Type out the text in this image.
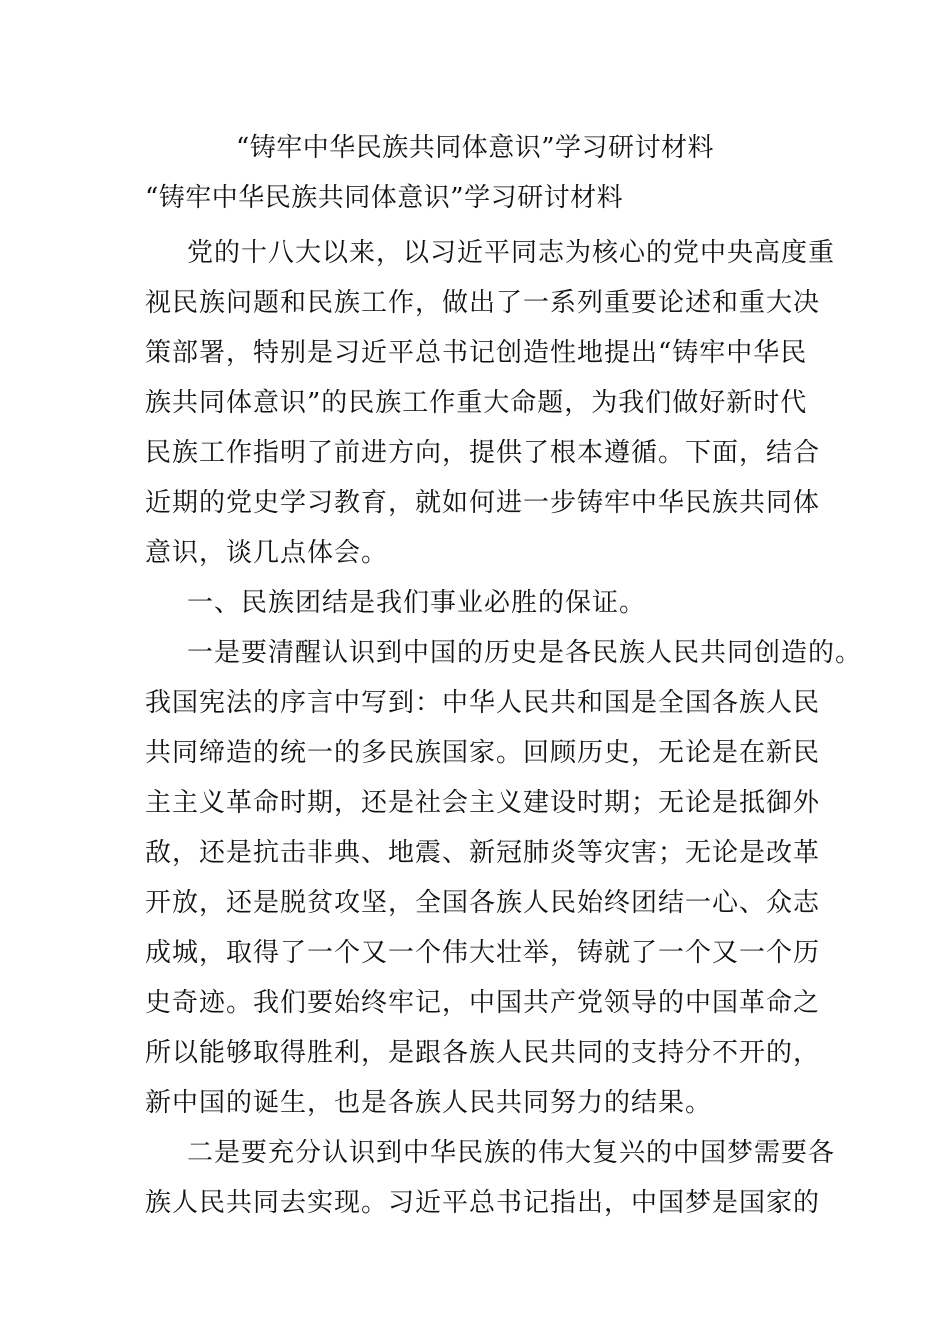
“铸牢中华民族共同体意识”学习研讨材料
“铸牢中华民族共同体意识”学习研讨材料
党的十八大以来，以习近平同志为核心的党中央高度重
视民族问题和民族工作，做出了一系列重要论述和重大决
策部署，特别是习近平总书记创造性地提出“铸牢中华民
族共同体意识”的民族工作重大命题，为我们做好新时代
民族工作指明了前进方向，提供了根本遵循。下面，结合
近期的党史学习教育，就如何进一步铸牢中华民族共同体
意识，谈几点体会。
一、民族团结是我们事业必胜的保证。
一是要清醒认识到中国的历史是各民族人民共同创造的。
我国宪法的序言中写到：中华人民共和国是全国各族人民
共同缔造的统一的多民族国家。回顾历史，无论是在新民
主主义革命时期，还是社会主义建设时期；无论是抵御外
敌，还是抗击非典、地震、新冠肺炎等灾害；无论是改革
开放，还是脱贫攻坚，全国各族人民始终团结一心、众志
成城，取得了一个又一个伟大壮举，铸就了一个又一个历
史奇迹。我们要始终牢记，中国共产党领导的中国革命之
所以能够取得胜利，是跟各族人民共同的支持分不开的，
新中国的诞生，也是各族人民共同努力的结果。
二是要充分认识到中华民族的伟大复兴的中国梦需要各
族人民共同去实现。习近平总书记指出，中国梦是国家的
